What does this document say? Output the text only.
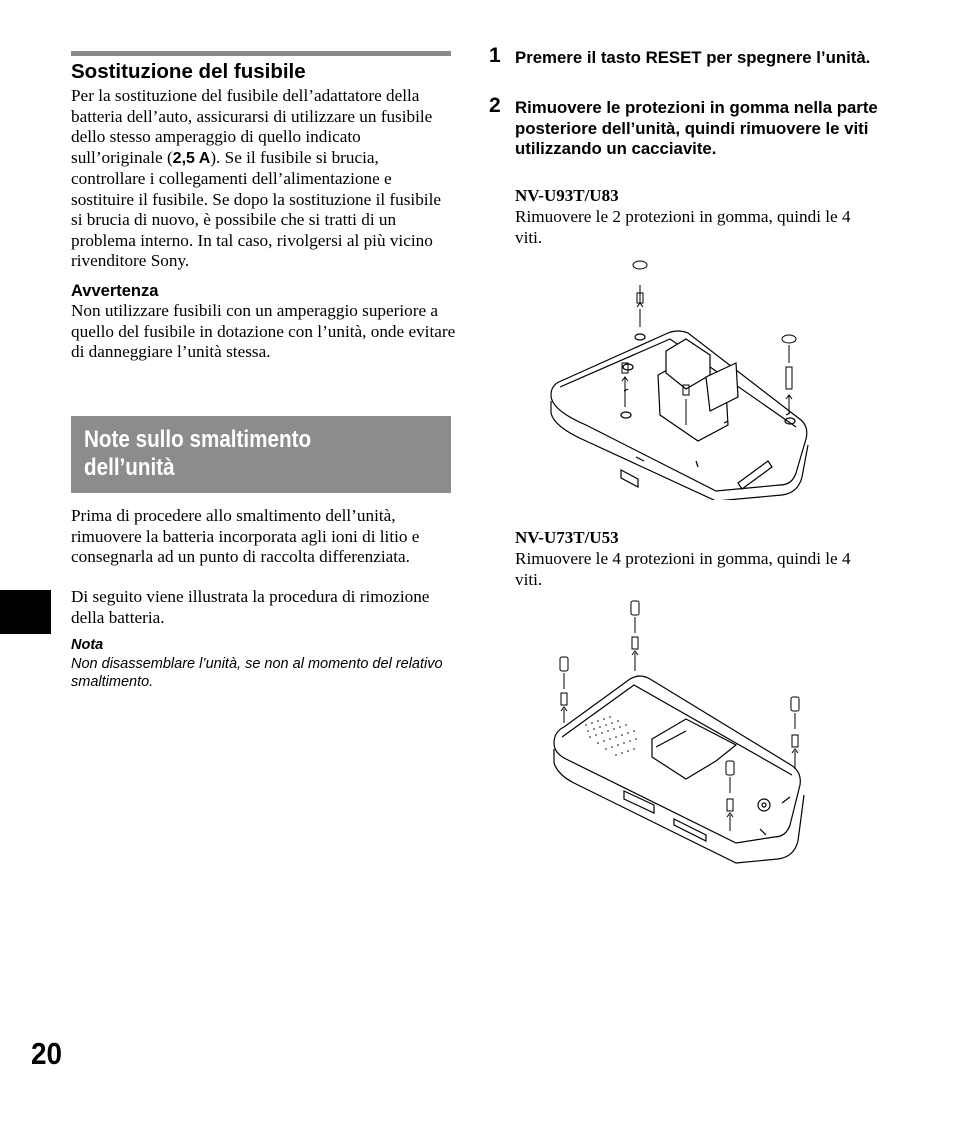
Sostituzione del fusibile
Per la sostituzione del fusibile dell’adattatore della batteria dell’auto, assicurarsi di utilizzare un fusibile dello stesso amperaggio di quello indicato sull’originale (2,5 A). Se il fusibile si brucia, controllare i collegamenti dell’alimentazione e sostituire il fusibile. Se dopo la sostituzione il fusibile si brucia di nuovo, è possibile che si tratti di un problema interno. In tal caso, rivolgersi al più vicino rivenditore Sony.
Avvertenza
Non utilizzare fusibili con un amperaggio superiore a quello del fusibile in dotazione con l’unità, onde evitare di danneggiare l’unità stessa.
Note sullo smaltimento
dell’unità
Prima di procedere allo smaltimento dell’unità, rimuovere la batteria incorporata agli ioni di litio e consegnarla ad un punto di raccolta differenziata.
Di seguito viene illustrata la procedura di rimozione della batteria.
Nota
Non disassemblare l’unità, se non al momento del relativo smaltimento.
20
1 Premere il tasto RESET per spegnere l’unità.
2 Rimuovere le protezioni in gomma nella parte posteriore dell’unità, quindi rimuovere le viti utilizzando un cacciavite.
NV-U93T/U83
Rimuovere le 2 protezioni in gomma, quindi le 4 viti.
NV-U73T/U53
Rimuovere le 4 protezioni in gomma, quindi le 4 viti.
